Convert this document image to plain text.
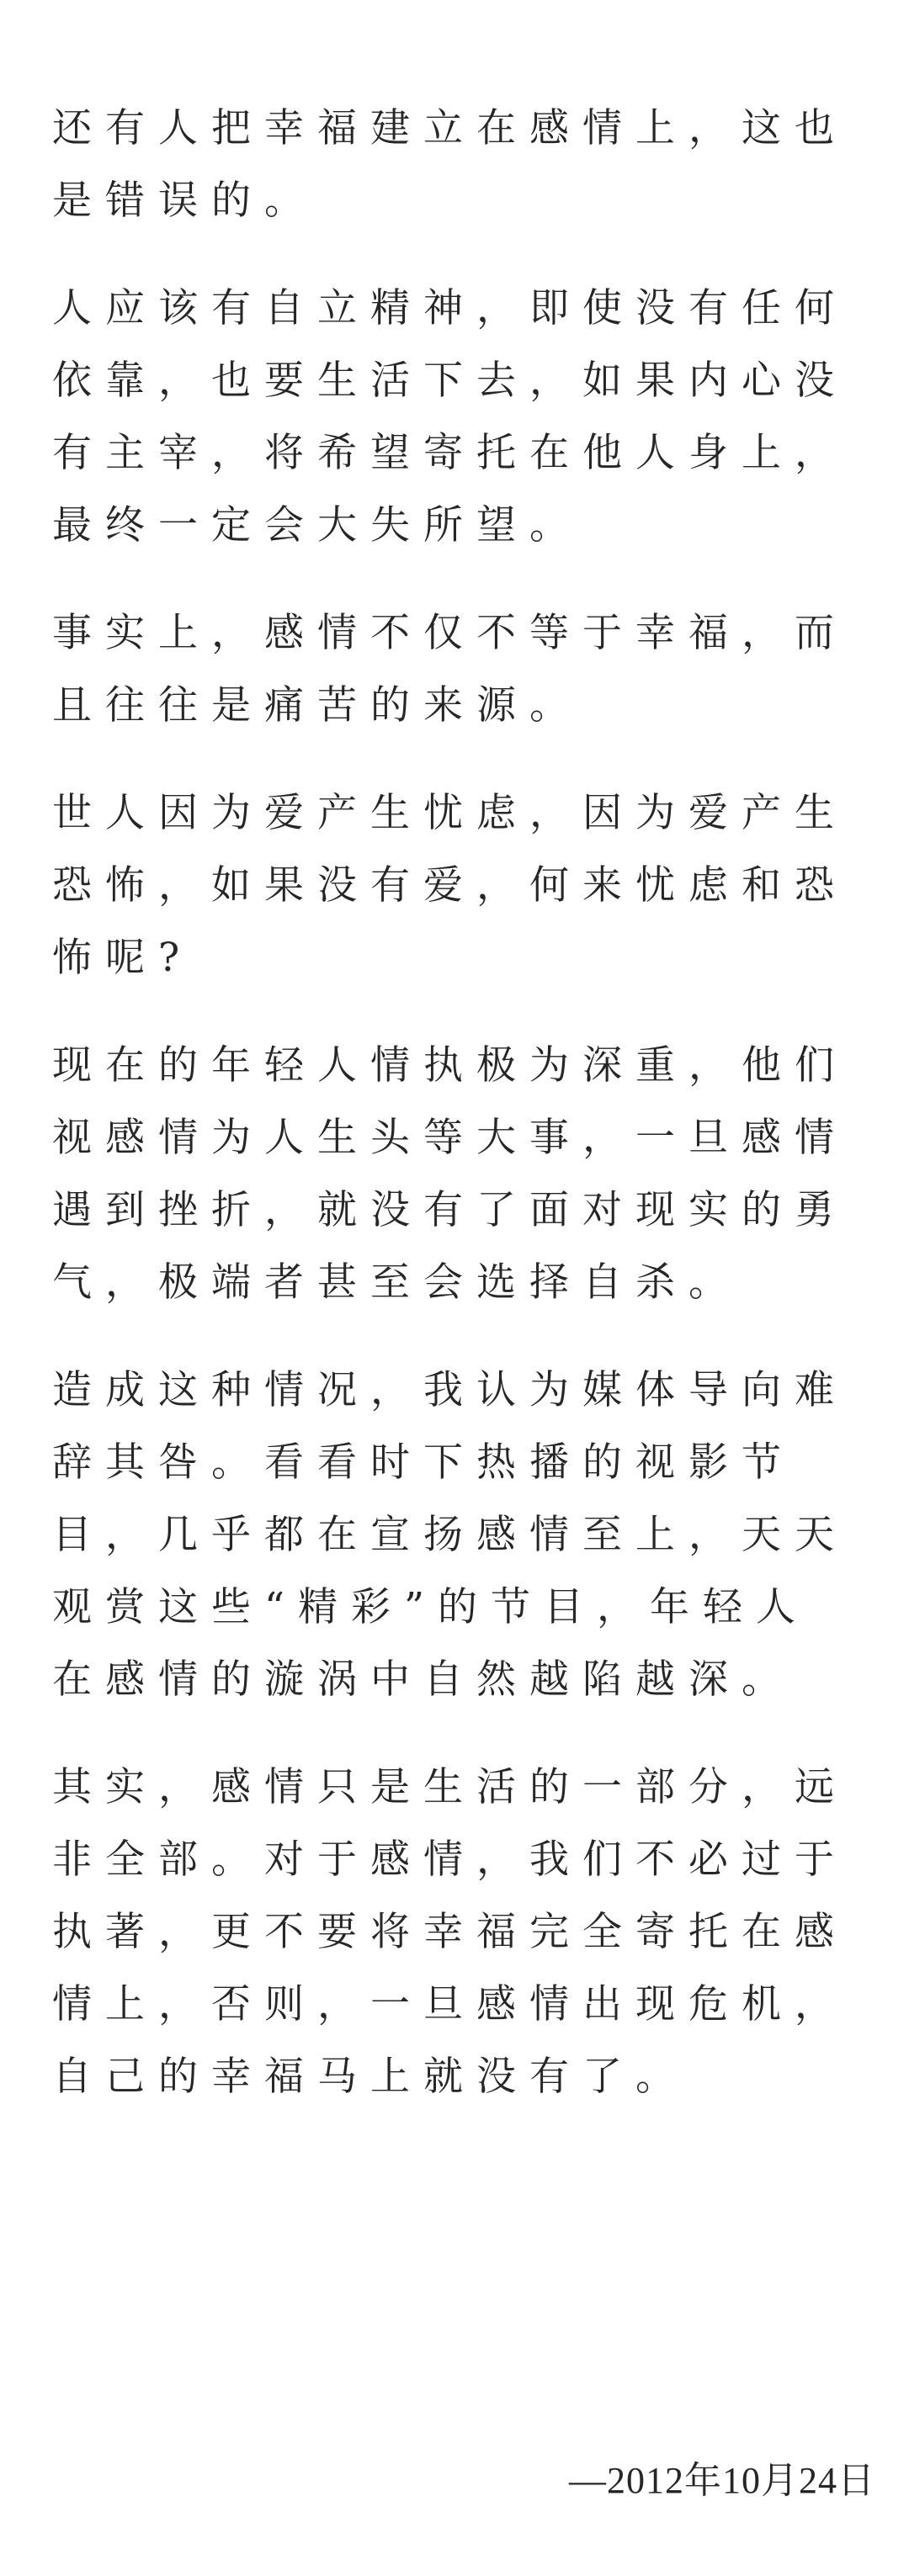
还有人把幸福建立在感情上，这也
是错误的。

人应该有自立精神，即使没有任何
依靠，也要生活下去，如果内心没
有主宰，将希望寄托在他人身上，
最终一定会大失所望。

事实上，感情不仅不等于幸福，而
且往往是痛苦的来源。

世人因为爱产生忧虑，因为爱产生
恐怖，如果没有爱，何来忧虑和恐
怖呢?

现在的年轻人情执极为深重，他们
视感情为人生头等大事，一旦感情
遇到挫折，就没有了面对现实的勇
气，极端者甚至会选择自杀。

造成这种情况，我认为媒体导向难
辞其咎。看看时下热播的视影节
目，几乎都在宣扬感情至上，天天
观赏这些“精彩”的节目，年轻人
在感情的漩涡中自然越陷越深。

其实，感情只是生活的一部分，远
非全部。对于感情，我们不必过于
执著，更不要将幸福完全寄托在感
情上，否则，一旦感情出现危机，
自己的幸福马上就没有了。

—2012年10月24日
